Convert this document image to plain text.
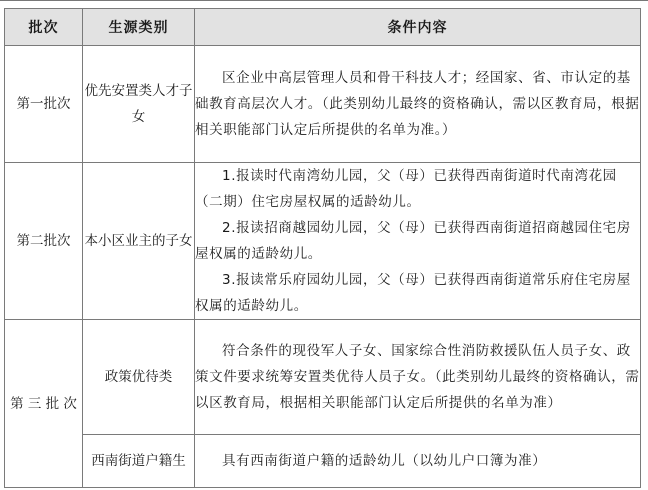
批次	生源类别	条件内容
第一批次	优先安置类人才子女	区企业中高层管理人员和骨干科技人才；经国家、省、市认定的基础教育高层次人才。（此类别幼儿最终的资格确认，需以区教育局，根据相关职能部门认定后所提供的名单为准。）

第二批次	本小区业主的子女	1.报读时代南湾幼儿园，父（母）已获得西南街道时代南湾花园（二期）住宅房屋权属的适龄幼儿。

2.报读招商越园幼儿园，父（母）已获得西南街道招商越园住宅房屋权属的适龄幼儿。

3.报读常乐府园幼儿园，父（母）已获得西南街道常乐府住宅房屋权属的适龄幼儿。

第 三 批 次	政策优待类	符合条件的现役军人子女、国家综合性消防救援队伍人员子女、政策文件要求统筹安置类优待人员子女。（此类别幼儿最终的资格确认，需以区教育局，根据相关职能部门认定后所提供的名单为准）

	西南街道户籍生	具有西南街道户籍的适龄幼儿（以幼儿户口簿为准）
